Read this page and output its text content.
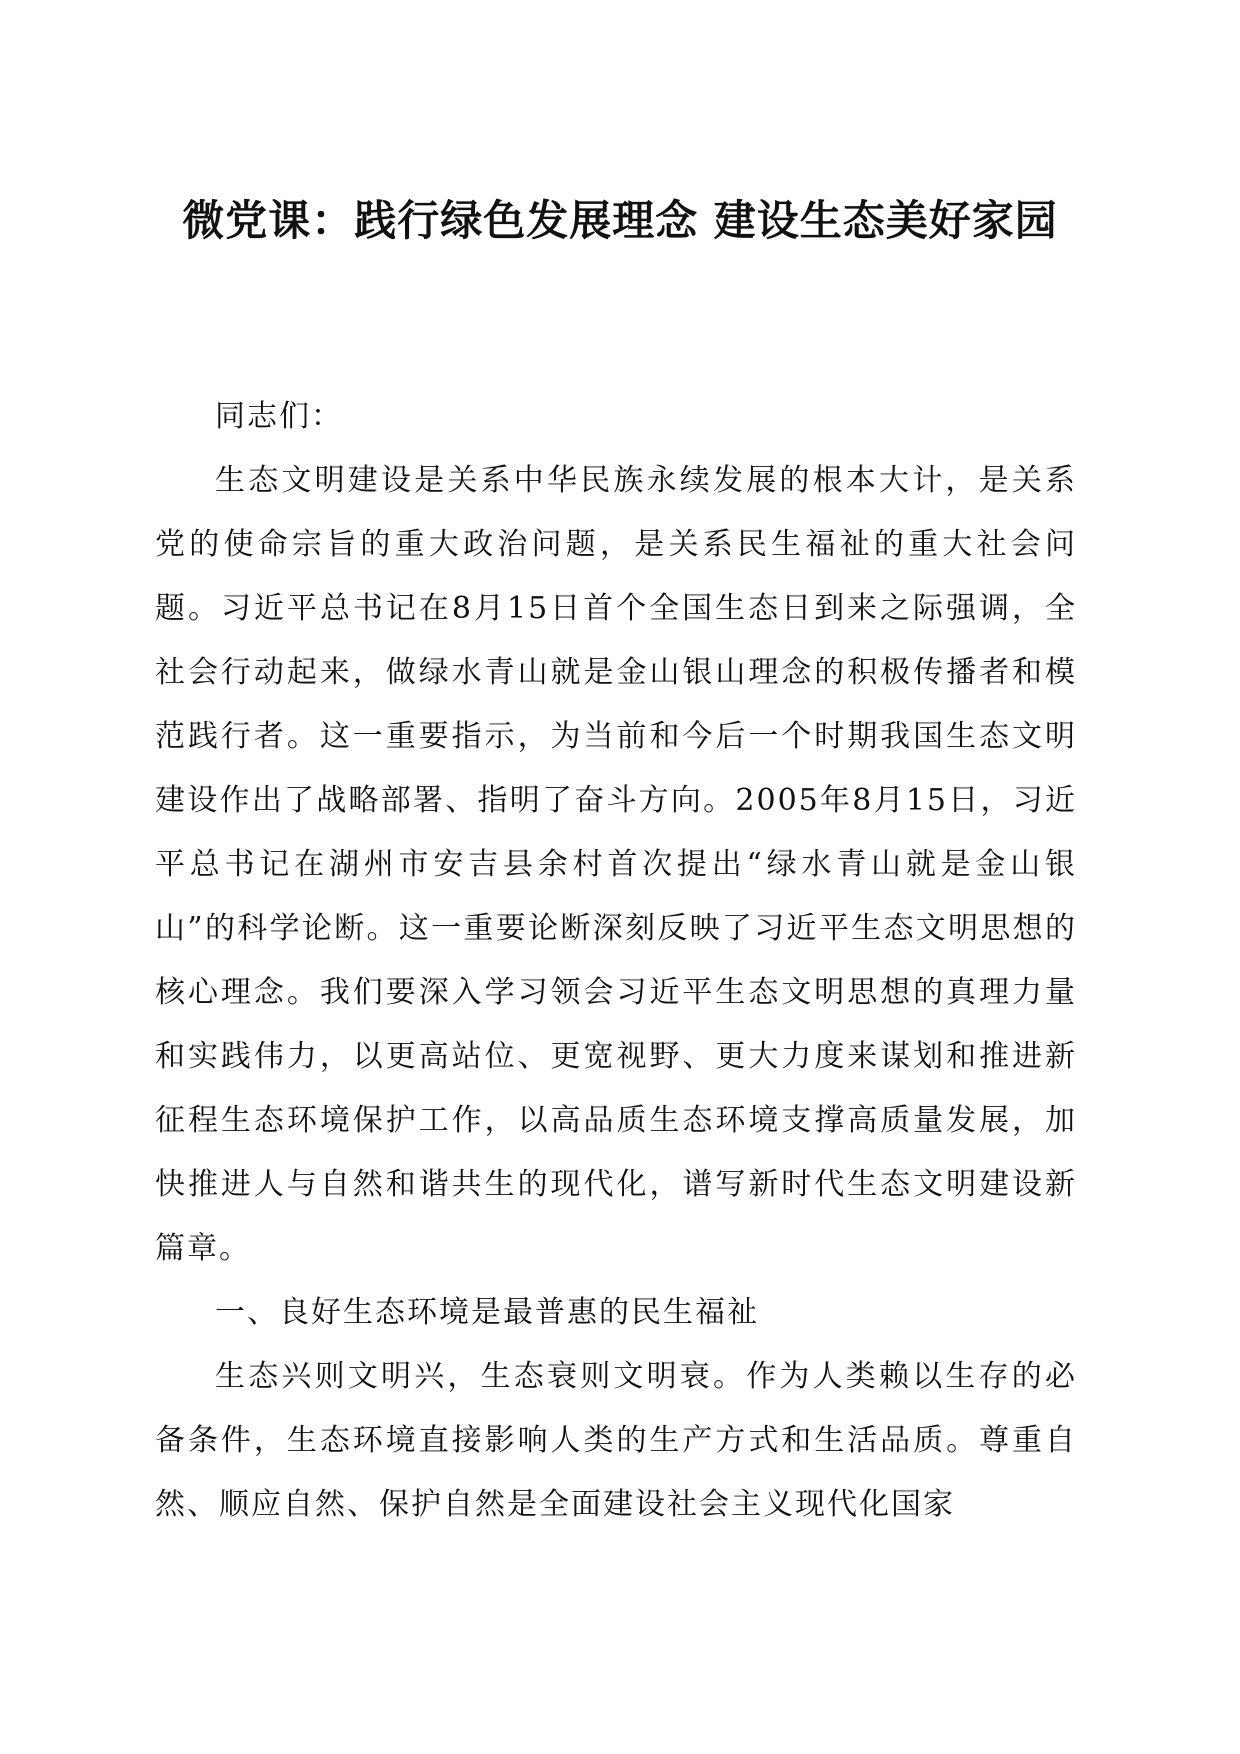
微党课：践行绿色发展理念 建设生态美好家园

同志们：

生态文明建设是关系中华民族永续发展的根本大计，是关系党的使命宗旨的重大政治问题，是关系民生福祉的重大社会问题。习近平总书记在8月15日首个全国生态日到来之际强调，全社会行动起来，做绿水青山就是金山银山理念的积极传播者和模范践行者。这一重要指示，为当前和今后一个时期我国生态文明建设作出了战略部署、指明了奋斗方向。2005年8月15日，习近平总书记在湖州市安吉县余村首次提出“绿水青山就是金山银山”的科学论断。这一重要论断深刻反映了习近平生态文明思想的核心理念。我们要深入学习领会习近平生态文明思想的真理力量和实践伟力，以更高站位、更宽视野、更大力度来谋划和推进新征程生态环境保护工作，以高品质生态环境支撑高质量发展，加快推进人与自然和谐共生的现代化，谱写新时代生态文明建设新篇章。

一、良好生态环境是最普惠的民生福祉

生态兴则文明兴，生态衰则文明衰。作为人类赖以生存的必备条件，生态环境直接影响人类的生产方式和生活品质。尊重自然、顺应自然、保护自然是全面建设社会主义现代化国家
